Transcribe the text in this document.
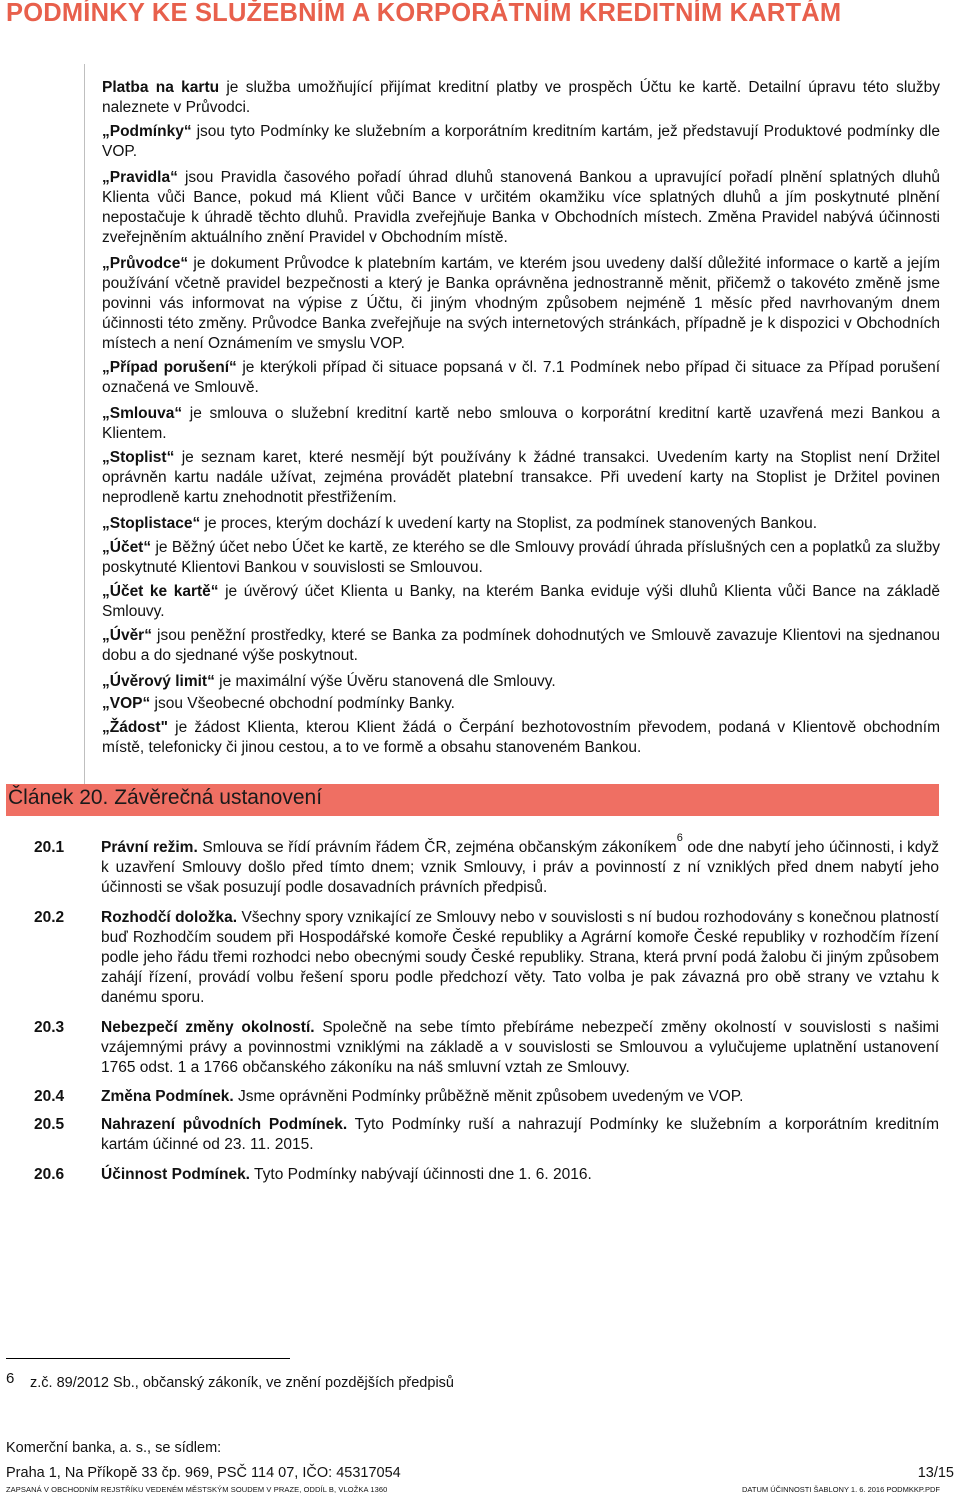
PODMÍNKY KE SLUŽEBNÍM A KORPORÁTNÍM KREDITNÍM KARTÁM
Platba na kartu je služba umožňující přijímat kreditní platby ve prospěch Účtu ke kartě. Detailní úpravu této služby naleznete v Průvodci.
„Podmínky“ jsou tyto Podmínky ke služebním a korporátním kreditním kartám, jež představují Produktové podmínky dle VOP.
„Pravidla“ jsou Pravidla časového pořadí úhrad dluhů stanovená Bankou a upravující pořadí plnění splatných dluhů Klienta vůči Bance, pokud má Klient vůči Bance v určitém okamžiku více splatných dluhů a jím poskytnuté plnění nepostačuje k úhradě těchto dluhů. Pravidla zveřejňuje Banka v Obchodních místech. Změna Pravidel nabývá účinnosti zveřejněním aktuálního znění Pravidel v Obchodním místě.
„Průvodce“ je dokument Průvodce k platebním kartám, ve kterém jsou uvedeny další důležité informace o kartě a jejím používání včetně pravidel bezpečnosti a který je Banka oprávněna jednostranně měnit, přičemž o takovéto změně jsme povinni vás informovat na výpise z Účtu, či jiným vhodným způsobem nejméně 1 měsíc před navrhovaným dnem účinnosti této změny. Průvodce Banka zveřejňuje na svých internetových stránkách, případně je k dispozici v Obchodních místech a není Oznámením ve smyslu VOP.
„Případ porušení“ je kterýkoli případ či situace popsaná v čl. 7.1 Podmínek nebo případ či situace za Případ porušení označená ve Smlouvě.
„Smlouva“ je smlouva o služební kreditní kartě nebo smlouva o korporátní kreditní kartě uzavřená mezi Bankou a Klientem.
„Stoplist“ je seznam karet, které nesmějí být používány k žádné transakci. Uvedením karty na Stoplist není Držitel oprávněn kartu nadále užívat, zejména provádět platební transakce. Při uvedení karty na Stoplist je Držitel povinen neprodleně kartu znehodnotit přestřižením.
„Stoplistace“ je proces, kterým dochází k uvedení karty na Stoplist, za podmínek stanovených Bankou.
„Účet“ je Běžný účet nebo Účet ke kartě, ze kterého se dle Smlouvy provádí úhrada příslušných cen a poplatků za služby poskytnuté Klientovi Bankou v souvislosti se Smlouvou.
„Účet ke kartě“ je úvěrový účet Klienta u Banky, na kterém Banka eviduje výši dluhů Klienta vůči Bance na základě Smlouvy.
„Úvěr“ jsou peněžní prostředky, které se Banka za podmínek dohodnutých ve Smlouvě zavazuje Klientovi na sjednanou dobu a do sjednané výše poskytnout.
„Úvěrový limit“ je maximální výše Úvěru stanovená dle Smlouvy.
„VOP“ jsou Všeobecné obchodní podmínky Banky.
„Žádost" je žádost Klienta, kterou Klient žádá o Čerpání bezhotovostním převodem, podaná v Klientově obchodním místě, telefonicky či jinou cestou, a to ve formě a obsahu stanoveném Bankou.
Článek 20. Závěrečná ustanovení
20.1 Právní režim. Smlouva se řídí právním řádem ČR, zejména občanským zákoníkem$^6$ ode dne nabytí jeho účinnosti, i když k uzavření Smlouvy došlo před tímto dnem; vznik Smlouvy, i práv a povinností z ní vzniklých před dnem nabytí jeho účinnosti se však posuzují podle dosavadních právních předpisů.
20.2 Rozhodčí doložka. Všechny spory vznikající ze Smlouvy nebo v souvislosti s ní budou rozhodovány s konečnou platností buď Rozhodčím soudem při Hospodářské komoře České republiky a Agrární komoře České republiky v rozhodčím řízení podle jeho řádu třemi rozhodci nebo obecnými soudy České republiky. Strana, která první podá žalobu či jiným způsobem zahájí řízení, provádí volbu řešení sporu podle předchozí věty. Tato volba je pak závazná pro obě strany ve vztahu k danému sporu.
20.3 Nebezpečí změny okolností. Společně na sebe tímto přebíráme nebezpečí změny okolností v souvislosti s našimi vzájemnými právy a povinnostmi vzniklými na základě a v souvislosti se Smlouvou a vylučujeme uplatnění ustanovení 1765 odst. 1 a 1766 občanského zákoníku na náš smluvní vztah ze Smlouvy.
20.4 Změna Podmínek. Jsme oprávněni Podmínky průběžně měnit způsobem uvedeným ve VOP.
20.5 Nahrazení původních Podmínek. Tyto Podmínky ruší a nahrazují Podmínky ke služebním a korporátním kreditním kartám účinné od 23. 11. 2015.
20.6 Účinnost Podmínek. Tyto Podmínky nabývají účinnosti dne 1. 6. 2016.
6 z.č. 89/2012 Sb., občanský zákoník, ve znění pozdějších předpisů
Komerční banka, a. s., se sídlem:
Praha 1, Na Příkopě 33 čp. 969, PSČ 114 07, IČO: 45317054	13/15
ZAPSANÁ V OBCHODNÍM REJSTŘÍKU VEDENÉM MĚSTSKÝM SOUDEM V PRAZE, ODDÍL B, VLOŽKA 1360	DATUM ÚČINNOSTI ŠABLONY 1. 6. 2016 PODMKKP.PDF
